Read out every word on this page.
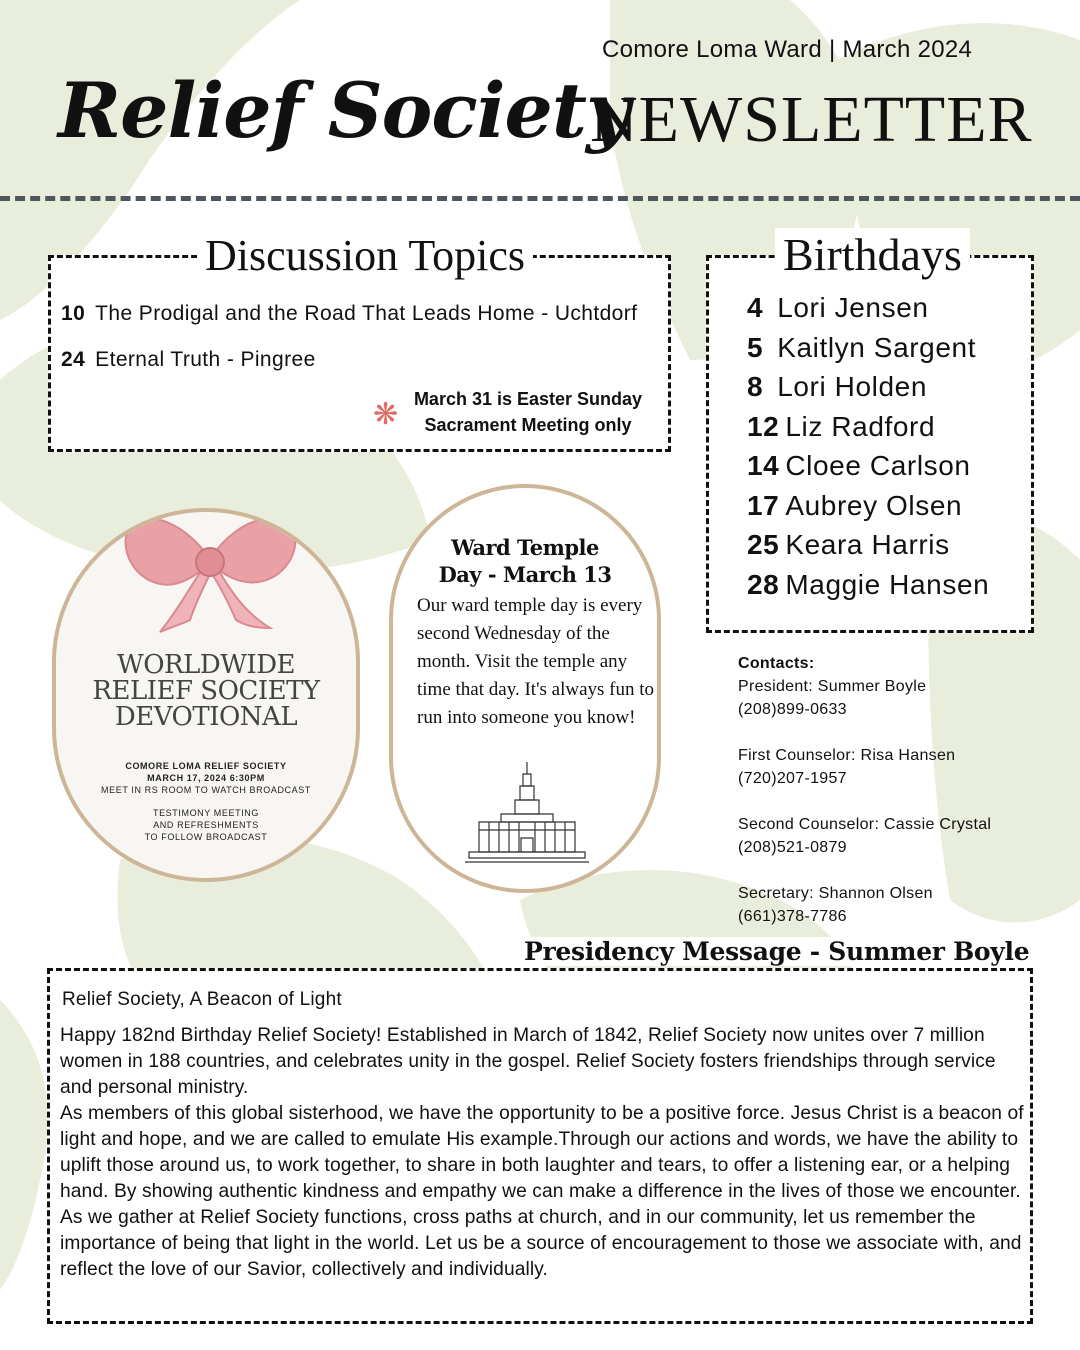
Comore Loma Ward | March 2024
Relief Society
NEWSLETTER
Discussion Topics
10 The Prodigal and the Road That Leads Home - Uchtdorf
24 Eternal Truth - Pingree
❋ March 31 is Easter Sunday
Sacrament Meeting only
Birthdays
4 Lori Jensen
5 Kaitlyn Sargent
8 Lori Holden
12 Liz Radford
14 Cloee Carlson
17 Aubrey Olsen
25 Keara Harris
28 Maggie Hansen
WORLDWIDE
RELIEF SOCIETY
DEVOTIONAL
COMORE LOMA RELIEF SOCIETY
MARCH 17, 2024 6:30PM
MEET IN RS ROOM TO WATCH BROADCAST
TESTIMONY MEETING
AND REFRESHMENTS
TO FOLLOW BROADCAST
Ward Temple
Day - March 13
Our ward temple day is every second Wednesday of the month. Visit the temple any time that day. It's always fun to run into someone you know!
Contacts:
President: Summer Boyle
(208)899-0633
First Counselor: Risa Hansen
(720)207-1957
Second Counselor: Cassie Crystal
(208)521-0879
Secretary: Shannon Olsen
(661)378-7786
Presidency Message - Summer Boyle
Relief Society, A Beacon of Light

Happy 182nd Birthday Relief Society! Established in March of 1842, Relief Society now unites over 7 million women in 188 countries, and celebrates unity in the gospel. Relief Society fosters friendships through service and personal ministry.

As members of this global sisterhood, we have the opportunity to be a positive force. Jesus Christ is a beacon of light and hope, and we are called to emulate His example.Through our actions and words, we have the ability to uplift those around us, to work together, to share in both laughter and tears, to offer a listening ear, or a helping hand. By showing authentic kindness and empathy we can make a difference in the lives of those we encounter.

As we gather at Relief Society functions, cross paths at church, and in our community, let us remember the importance of being that light in the world. Let us be a source of encouragement to those we associate with, and reflect the love of our Savior, collectively and individually.
